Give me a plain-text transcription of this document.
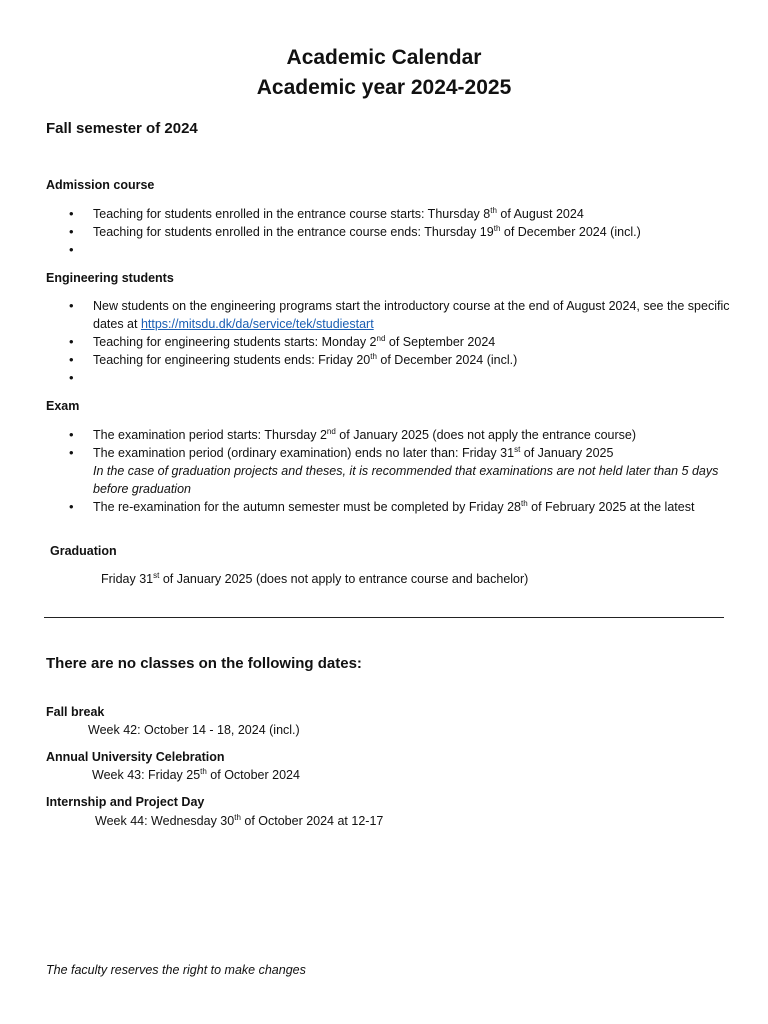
Academic Calendar
Academic year 2024-2025
Fall semester of 2024
Admission course
• Teaching for students enrolled in the entrance course starts: Thursday 8th of August 2024
• Teaching for students enrolled in the entrance course ends: Thursday 19th of December 2024 (incl.)
•
Engineering students
• New students on the engineering programs start the introductory course at the end of August 2024, see the specific dates at https://mitsdu.dk/da/service/tek/studiestart
• Teaching for engineering students starts: Monday 2nd of September 2024
• Teaching for engineering students ends: Friday 20th of December 2024 (incl.)
•
Exam
• The examination period starts: Thursday 2nd of January 2025 (does not apply the entrance course)
• The examination period (ordinary examination) ends no later than: Friday 31st of January 2025
In the case of graduation projects and theses, it is recommended that examinations are not held later than 5 days before graduation
• The re-examination for the autumn semester must be completed by Friday 28th of February 2025 at the latest
Graduation
Friday 31st of January 2025 (does not apply to entrance course and bachelor)
There are no classes on the following dates:
Fall break
Week 42: October 14 - 18, 2024 (incl.)
Annual University Celebration
Week 43: Friday 25th of October 2024
Internship and Project Day
Week 44: Wednesday 30th of October 2024 at 12-17
The faculty reserves the right to make changes
